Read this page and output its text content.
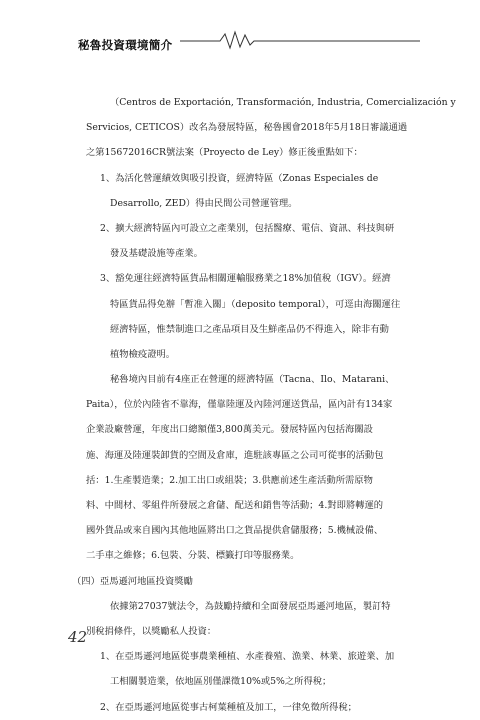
秘魯投資環境簡介
（Centros de Exportación, Transformación, Industria, Comercialización y
Servicios, CETICOS）改名為發展特區，秘魯國會2018年5月18日審議通過
之第15672016CR號法案（Proyecto de Ley）修正後重點如下：
1、為活化營運績效與吸引投資，經濟特區（Zonas Especiales de
Desarrollo, ZED）得由民間公司營運管理。
2、擴大經濟特區內可設立之產業別，包括醫療、電信、資訊、科技與研
發及基礎設施等產業。
3、豁免運往經濟特區貨品相關運輸服務業之18%加值稅（IGV）。經濟
特區貨品得免辦「暫准入關」（deposito temporal），可逕由海關運往
經濟特區，惟禁制進口之產品項目及生鮮產品仍不得進入，除非有動
植物檢疫證明。
秘魯境內目前有4座正在營運的經濟特區（Tacna、Ilo、Matarani、
Paita），位於內陸省不靠海，僅靠陸運及內陸河運送貨品，區內計有134家
企業設廠營運，年度出口總額僅3,800萬美元。發展特區內包括海關設
施、海運及陸運裝卸貨的空間及倉庫，進駐該專區之公司可從事的活動包
括：1.生產製造業；2.加工出口或組裝；3.供應前述生產活動所需原物
料、中間材、零組件所發展之倉儲、配送和銷售等活動；4.對即將轉運的
國外貨品或來自國內其他地區將出口之貨品提供倉儲服務；5.機械設備、
二手車之維修；6.包裝、分裝、標籤打印等服務業。
（四）亞馬遜河地區投資獎勵
依據第27037號法令，為鼓勵持續和全面發展亞馬遜河地區，製訂特
別稅捐條件，以獎勵私人投資：
1、在亞馬遜河地區從事農業種植、水產養殖、漁業、林業、旅遊業、加
工相關製造業，依地區別僅課徵10%或5%之所得稅；
2、在亞馬遜河地區從事古柯葉種植及加工，一律免徵所得稅；
42
